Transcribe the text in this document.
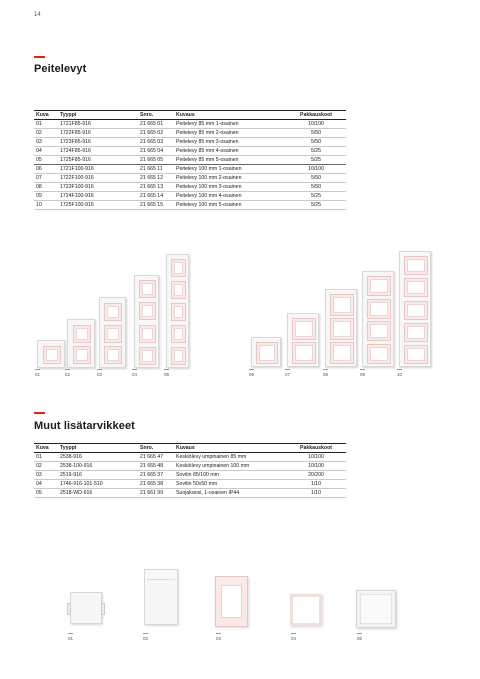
14
Peitelevyt
Kuva	Tyyppi	Snro.	Kuvaus	Pakkauskoot
01	1721F85-916	21 665 01	Peitelevy 85 mm 1-osainen	10/100
02	1722F85-916	21 665 02	Peitelevy 85 mm 2-osainen	5/50
03	1723F85-916	21 665 03	Peitelevy 85 mm 3-osainen	5/50
04	1724F85-916	21 665 04	Peitelevy 85 mm 4-osainen	5/25
05	1725F85-916	21 665 05	Peitelevy 85 mm 5-osainen	5/25
06	1721F100-916	21 665 11	Peitelevy 100 mm 1-osainen	10/100
07	1722F100-916	21 665 12	Peitelevy 100 mm 2-osainen	5/50
08	1723F100-916	21 665 13	Peitelevy 100 mm 3-osainen	5/50
09	1724F100-916	21 665 14	Peitelevy 100 mm 4-osainen	5/25
10	1725F100-916	21 665 15	Peitelevy 100 mm 5-osainen	5/25
01	02	03	04	05	06	07	08	09	10
Muut lisätarvikkeet
Kuva	Tyyppi	Snro.	Kuvaus	Pakkauskoot
01	2538-916	21 665 47	Keskiölevy umpinainen 85 mm	10/100
02	2538-100-916	21 665 48	Keskiölevy umpinainen 100 mm	10/100
03	2519-916	21 665 37	Sovitin 85/100 mm	20/200
04	1746-916-101-510	21 665 38	Sovitin 50x50 mm	1/10
05	2518-WD-916	21 661 99	Suojakansi, 1-osainen IP44	1/10
01	02	03	04	05
